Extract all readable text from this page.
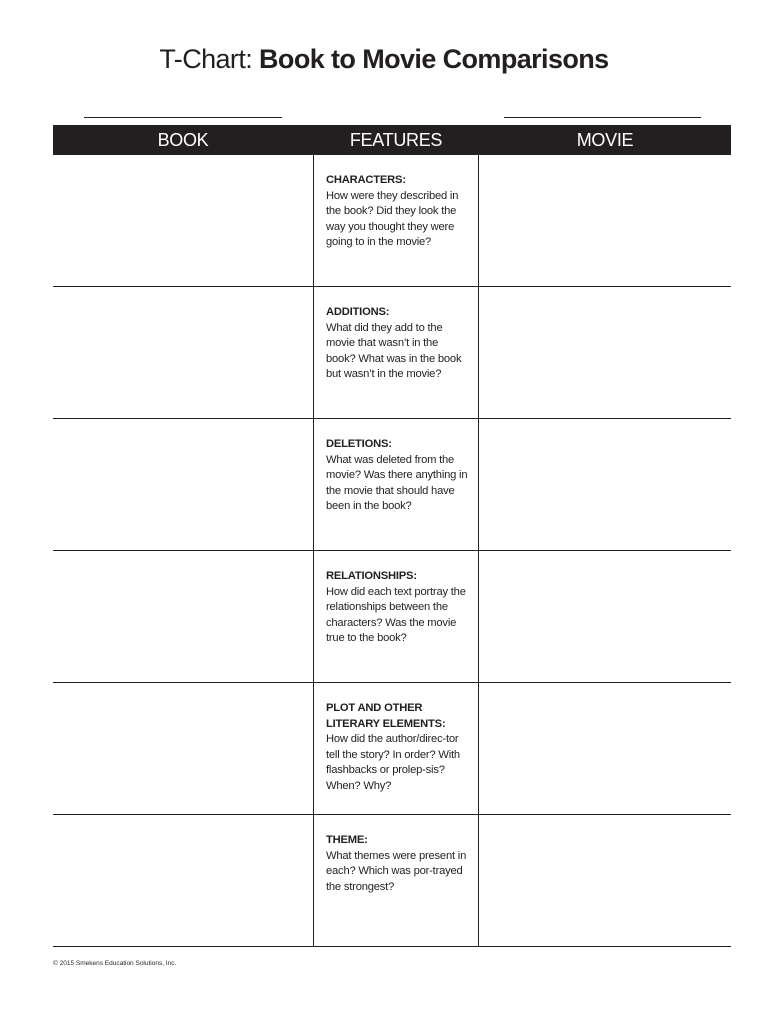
T-Chart: Book to Movie Comparisons
BOOK	FEATURES	MOVIE
CHARACTERS:
How were they described in the book? Did they look the way you thought they were going to in the movie?
ADDITIONS:
What did they add to the movie that wasn’t in the book? What was in the book but wasn’t in the movie?
DELETIONS:
What was deleted from the movie? Was there anything in the movie that should have been in the book?
RELATIONSHIPS:
How did each text portray the relationships between the characters? Was the movie true to the book?
PLOT AND OTHER LITERARY ELEMENTS:
How did the author/direc-tor tell the story? In order? With flashbacks or prolep-sis? When? Why?
THEME:
What themes were present in each? Which was por-trayed the strongest?
© 2015 Smekens Education Solutions, Inc.
